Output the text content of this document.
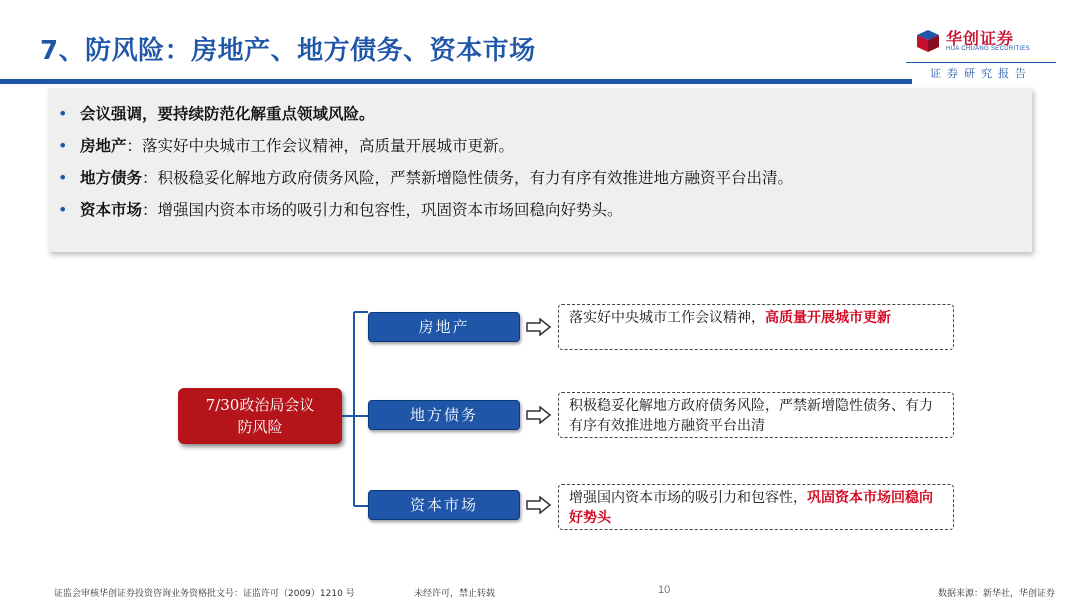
7、防风险：房地产、地方债务、资本市场	华创证券
HUA CHUANG SECURITIES
证券研究报告
• 会议强调，要持续防范化解重点领域风险。
• 房地产：落实好中央城市工作会议精神，高质量开展城市更新。
• 地方债务：积极稳妥化解地方政府债务风险，严禁新增隐性债务，有力有序有效推进地方融资平台出清。
• 资本市场：增强国内资本市场的吸引力和包容性，巩固资本市场回稳向好势头。
7/30政治局会议
防风险
房地产
地方债务
资本市场
落实好中央城市工作会议精神，高质量开展城市更新
积极稳妥化解地方政府债务风险，严禁新增隐性债务、有力有序有效推进地方融资平台出清
增强国内资本市场的吸引力和包容性，巩固资本市场回稳向好势头
证监会审核华创证券投资咨询业务资格批文号：证监许可（2009）1210 号	未经许可，禁止转载	10	数据来源：新华社，华创证券
